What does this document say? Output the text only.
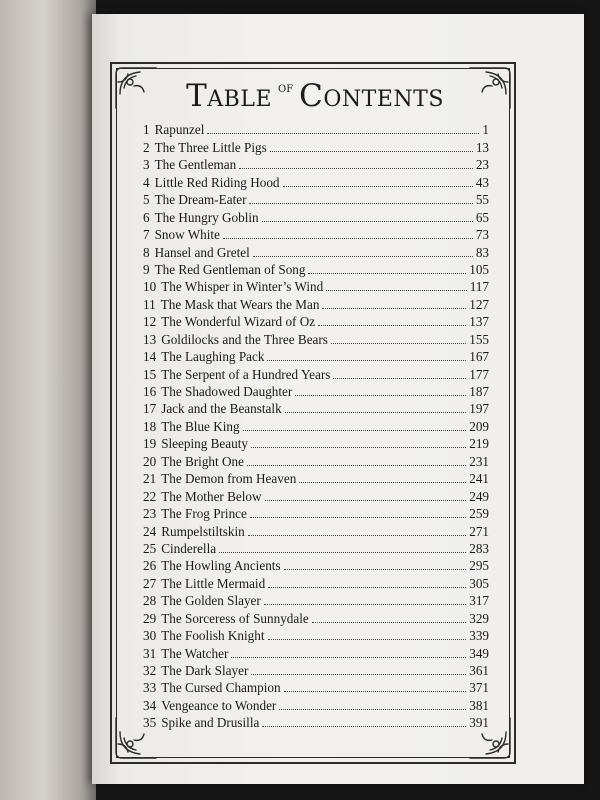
Table of Contents
1 Rapunzel	1
2 The Three Little Pigs	13
3 The Gentleman	23
4 Little Red Riding Hood	43
5 The Dream-Eater	55
6 The Hungry Goblin	65
7 Snow White	73
8 Hansel and Gretel	83
9 The Red Gentleman of Song	105
10 The Whisper in Winter’s Wind	117
11 The Mask that Wears the Man	127
12 The Wonderful Wizard of Oz	137
13 Goldilocks and the Three Bears	155
14 The Laughing Pack	167
15 The Serpent of a Hundred Years	177
16 The Shadowed Daughter	187
17 Jack and the Beanstalk	197
18 The Blue King	209
19 Sleeping Beauty	219
20 The Bright One	231
21 The Demon from Heaven	241
22 The Mother Below	249
23 The Frog Prince	259
24 Rumpelstiltskin	271
25 Cinderella	283
26 The Howling Ancients	295
27 The Little Mermaid	305
28 The Golden Slayer	317
29 The Sorceress of Sunnydale	329
30 The Foolish Knight	339
31 The Watcher	349
32 The Dark Slayer	361
33 The Cursed Champion	371
34 Vengeance to Wonder	381
35 Spike and Drusilla	391
